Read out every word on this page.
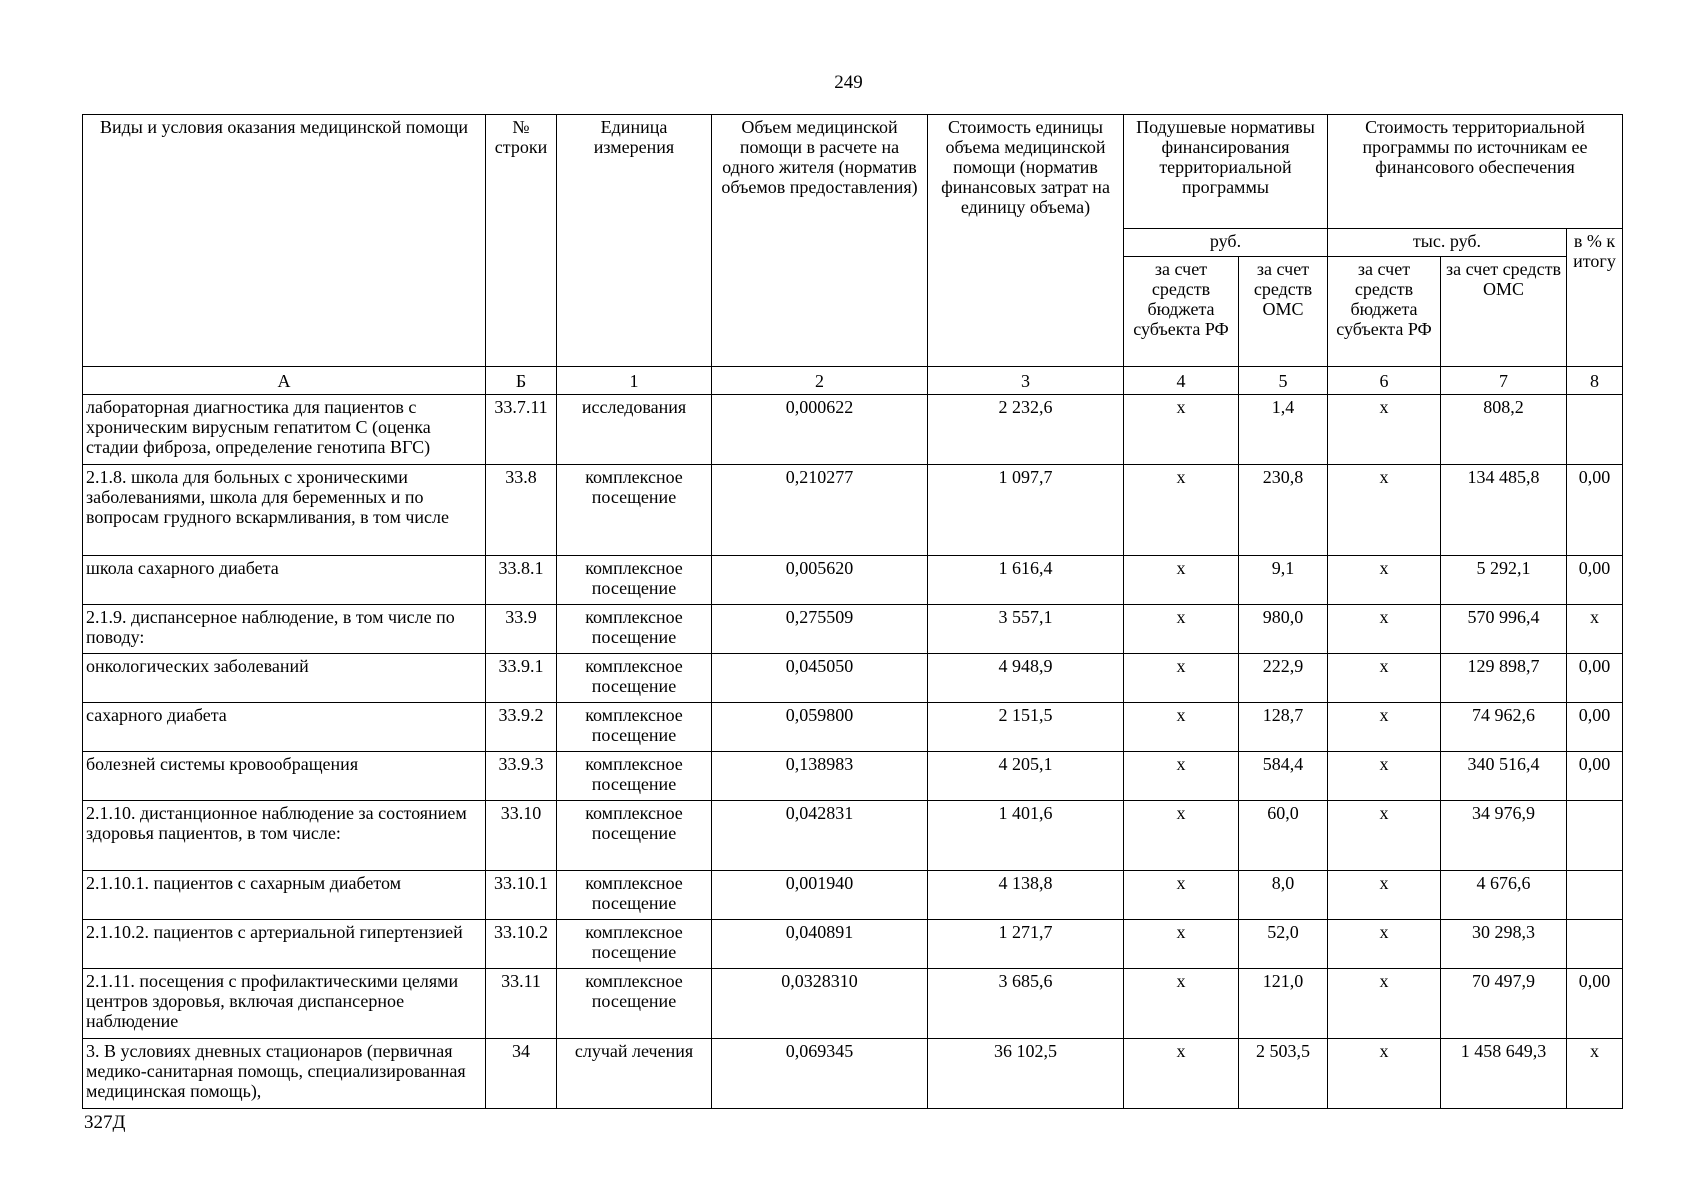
249
Виды и условия оказания медицинской помощи	№ строки	Единица измерения	Объем медицинской помощи в расчете на одного жителя (норматив объемов предоставления)	Стоимость единицы объема медицинской помощи (норматив финансовых затрат на единицу объема)	Подушевые нормативы финансирования территориальной программы		Стоимость территориальной программы по источникам ее финансового обеспечения		
					руб.		тыс. руб.		в % к итогу
					за счет средств бюджета субъекта РФ	за счет средств ОМС	за счет средств бюджета субъекта РФ	за счет средств ОМС	
А	Б	1	2	3	4	5	6	7	8
лабораторная диагностика для пациентов с хроническим вирусным гепатитом С (оценка стадии фиброза, определение генотипа ВГС)	33.7.11	исследования	0,000622	2 232,6	х	1,4	х	808,2	
2.1.8. школа для больных с хроническими заболеваниями, школа для беременных и по вопросам грудного вскармливания, в том числе	33.8	комплексное посещение	0,210277	1 097,7	х	230,8	х	134 485,8	0,00
школа сахарного диабета	33.8.1	комплексное посещение	0,005620	1 616,4	х	9,1	х	5 292,1	0,00
2.1.9. диспансерное наблюдение, в том числе по поводу:	33.9	комплексное посещение	0,275509	3 557,1	х	980,0	х	570 996,4	х
онкологических заболеваний	33.9.1	комплексное посещение	0,045050	4 948,9	х	222,9	х	129 898,7	0,00
сахарного диабета	33.9.2	комплексное посещение	0,059800	2 151,5	х	128,7	х	74 962,6	0,00
болезней системы кровообращения	33.9.3	комплексное посещение	0,138983	4 205,1	х	584,4	х	340 516,4	0,00
2.1.10. дистанционное наблюдение за состоянием здоровья пациентов, в том числе:	33.10	комплексное посещение	0,042831	1 401,6	х	60,0	х	34 976,9	
2.1.10.1. пациентов с сахарным диабетом	33.10.1	комплексное посещение	0,001940	4 138,8	х	8,0	х	4 676,6	
2.1.10.2. пациентов с артериальной гипертензией	33.10.2	комплексное посещение	0,040891	1 271,7	х	52,0	х	30 298,3	
2.1.11. посещения с профилактическими целями центров здоровья, включая диспансерное наблюдение	33.11	комплексное посещение	0,0328310	3 685,6	х	121,0	х	70 497,9	0,00
3. В условиях дневных стационаров (первичная медико-санитарная помощь, специализированная медицинская помощь),	34	случай лечения	0,069345	36 102,5	х	2 503,5	х	1 458 649,3	х
327Д
